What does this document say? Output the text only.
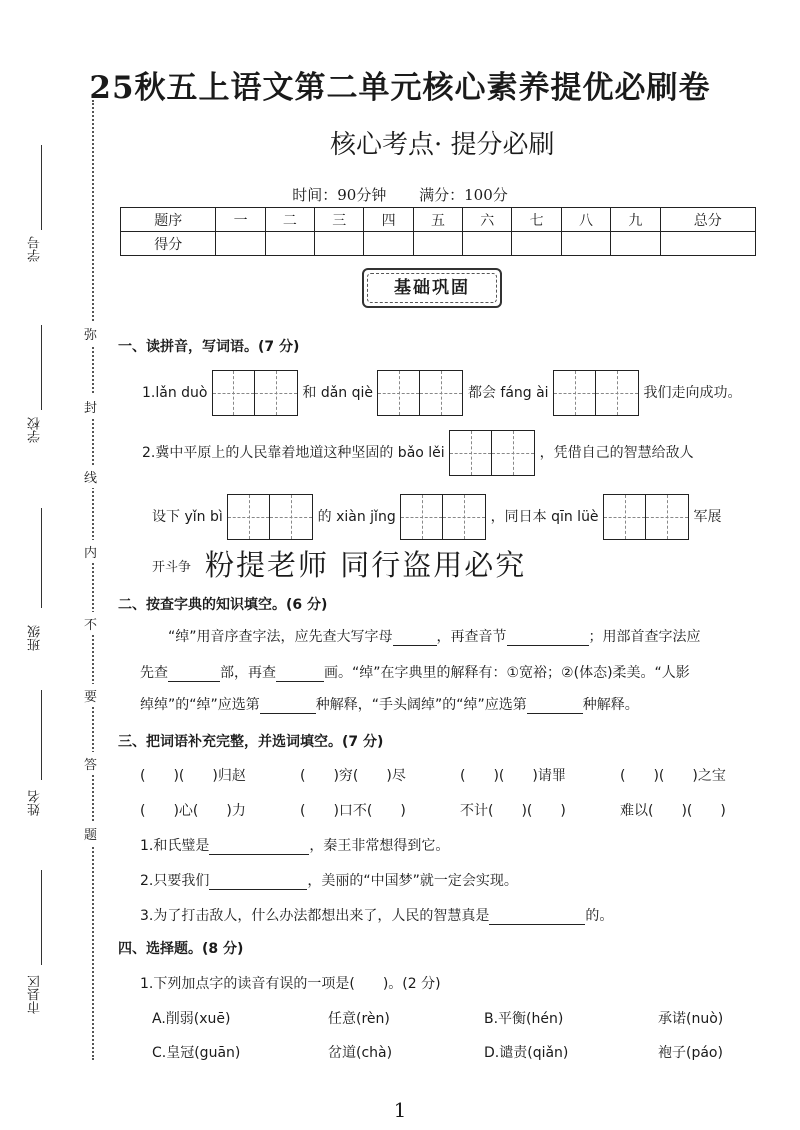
25秋五上语文第二单元核心素养提优必刷卷
核心考点· 提分必刷
时间：90分钟 满分：100分
题序	一	二	三	四	五	六	七	八	九	总分
得分										
基础巩固
弥
封
线
内
不
要
答
题
学号
学校
班级
姓名
市县区
一、读拼音，写词语。(7 分)
1.lǎn duò	和 dǎn qiè	都会 fáng ài	我们走向成功。
2.冀中平原上的人民靠着地道这种坚固的 bǎo lěi	，凭借自己的智慧给敌人
设下 yǐn bì	的 xiàn jǐng	，同日本 qīn lüè	军展
开斗争 粉提老师 同行盗用必究
二、按查字典的知识填空。(6 分)
“绰”用音序查字法，应先查大写字母	，再查音节	；用部首查字法应
先查	部，再查	画。“绰”在字典里的解释有：①宽裕；②(体态)柔美。“人影
绰绰”的“绰”应选第	种解释，“手头阔绰”的“绰”应选第	种解释。
三、把词语补充完整，并选词填空。(7 分)
(　　)(　　)归赵	(　　)穷(　　)尽	(　　)(　　)请罪	(　　)(　　)之宝
(　　)心(　　)力	(　　)口不(　　)	不计(　　)(　　)	难以(　　)(　　)
1.和氏璧是	，秦王非常想得到它。
2.只要我们	，美丽的“中国梦”就一定会实现。
3.为了打击敌人，什么办法都想出来了，人民的智慧真是	的。
四、选择题。(8 分)
1.下列加点字的读音有误的一项是(　　)。(2 分)
A.削弱(xuē)	任意(rèn)	B.平衡(hén)	承诺(nuò)
C.皇冠(guān)	岔道(chà)	D.谴责(qiǎn)	袍子(páo)
1
